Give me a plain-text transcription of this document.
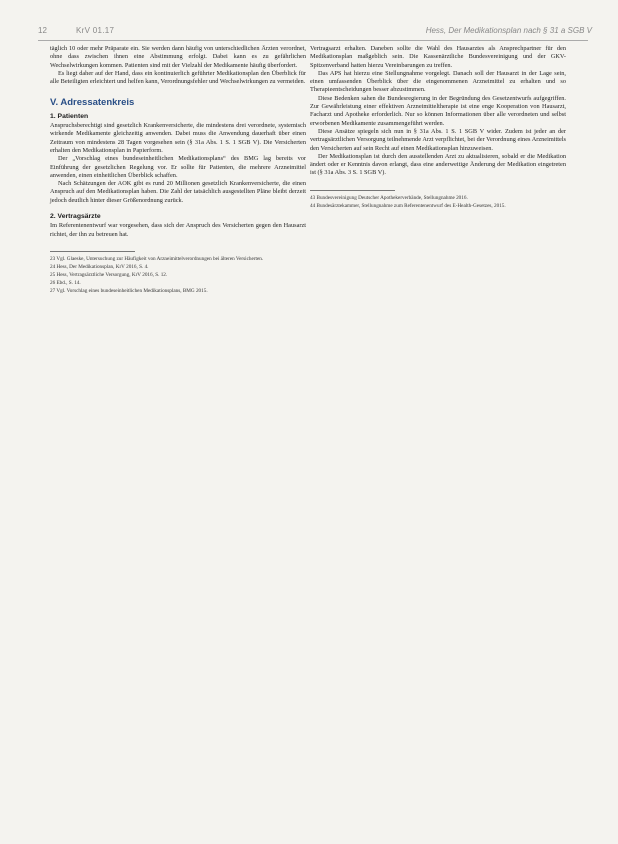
12	KrV 01.17	Hess, Der Medikationsplan nach § 31 a SGB V

täglich 10 oder mehr Präparate ein. Sie werden dann häufig von unterschiedlichen Ärzten verordnet, ohne dass zwischen ihnen eine Abstimmung erfolgt. Dabei kann es zu gefährlichen Wechselwirkungen kommen. Patienten sind mit der Vielzahl der Medikamente häufig überfordert.

Es liegt daher auf der Hand, dass ein kontinuierlich geführter Medikationsplan den Überblick für alle Beteiligten erleichtert und helfen kann, Verordnungsfehler und Wechselwirkungen zu vermeiden.

V. Adressatenkreis
1. Patienten

Anspruchsberechtigt sind gesetzlich Krankenversicherte, die mindestens drei verordnete, systemisch wirkende Medikamente gleichzeitig anwenden. Dabei muss die Anwendung dauerhaft über einen Zeitraum von mindestens 28 Tagen vorgesehen sein (§ 31a Abs. 1 S. 1 SGB V). Die Versicherten erhalten den Medikationsplan in Papierform.

Der „Vorschlag eines bundeseinheitlichen Medikationsplans“ des BMG lag bereits vor Einführung der gesetzlichen Regelung vor. Er sollte für Patienten, die mehrere Arzneimittel anwenden, einen einheitlichen Überblick schaffen.

Nach Schätzungen der AOK gibt es rund 20 Millionen gesetzlich Krankenversicherte, die einen Anspruch auf den Medikationsplan haben. Die Zahl der tatsächlich ausgestellten Pläne bleibt derzeit jedoch deutlich hinter dieser Größenordnung zurück.

2. Vertragsärzte

Im Referentenentwurf war vorgesehen, dass sich der Anspruch des Versicherten gegen den Hausarzt richtet, der ihn zu betreuen hat.

23 Vgl. Glaeske, Untersuchung zur Häufigkeit von Arzneimittelverordnungen bei älteren Versicherten.
24 Hess, Der Medikationsplan, KrV 2016, S. 4.
25 Hess, Vertragsärztliche Versorgung, KrV 2016, S. 12.
26 Ebd., S. 14.
27 Vgl. Vorschlag eines bundeseinheitlichen Medikationsplans, BMG 2015.

Vertragsarzt erhalten. Daneben sollte die Wahl des Hausarztes als Ansprechpartner für den Medikationsplan maßgeblich sein. Die Kassenärztliche Bundesvereinigung und der GKV-Spitzenverband hatten hierzu Vereinbarungen zu treffen.

Das APS hat hierzu eine Stellungnahme vorgelegt. Danach soll der Hausarzt in der Lage sein, einen umfassenden Überblick über die eingenommenen Arzneimittel zu erhalten und so Therapieentscheidungen besser abzustimmen.

Diese Bedenken sahen die Bundesregierung in der Begründung des Gesetzentwurfs aufgegriffen. Zur Gewährleistung einer effektiven Arzneimitteltherapie ist eine enge Kooperation von Hausarzt, Facharzt und Apotheke erforderlich. Nur so können Informationen über alle verordneten und selbst erworbenen Medikamente zusammengeführt werden.

Diese Ansätze spiegeln sich nun in § 31a Abs. 1 S. 1 SGB V wider. Zudem ist jeder an der vertragsärztlichen Versorgung teilnehmende Arzt verpflichtet, bei der Verordnung eines Arzneimittels den Versicherten auf sein Recht auf einen Medikationsplan hinzuweisen.

Der Medikationsplan ist durch den ausstellenden Arzt zu aktualisieren, sobald er die Medikation ändert oder er Kenntnis davon erlangt, dass eine anderweitige Änderung der Medikation eingetreten ist (§ 31a Abs. 3 S. 1 SGB V).

43 Bundesvereinigung Deutscher Apothekerverbände, Stellungnahme 2016.
44 Bundesärztekammer, Stellungnahme zum Referentenentwurf des E-Health-Gesetzes, 2015.
